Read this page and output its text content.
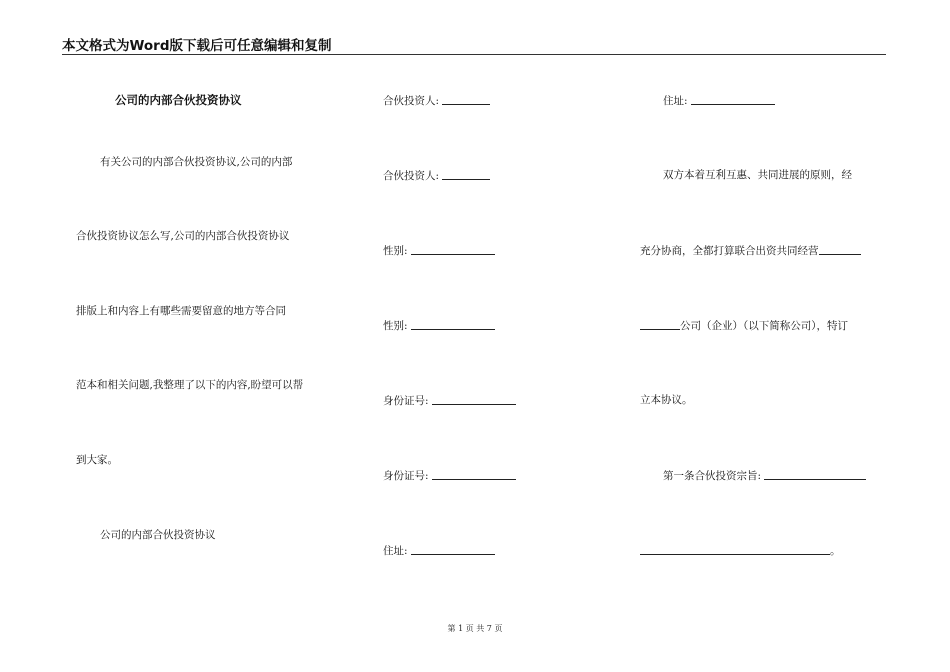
本文格式为Word版下载后可任意编辑和复制
公司的内部合伙投资协议
有关公司的内部合伙投资协议,公司的内部
合伙投资协议怎么写,公司的内部合伙投资协议
排版上和内容上有哪些需要留意的地方等合同
范本和相关问题,我整理了以下的内容,盼望可以帮
到大家。
公司的内部合伙投资协议
合伙投资人:
合伙投资人:
性别:
性别:
身份证号:
身份证号:
住址:
住址:
双方本着互利互惠、共同进展的原则，经
充分协商，全都打算联合出资共同经营
公司（企业）（以下简称公司），特订
立本协议。
第一条合伙投资宗旨:
。
第 1 页 共 7 页
